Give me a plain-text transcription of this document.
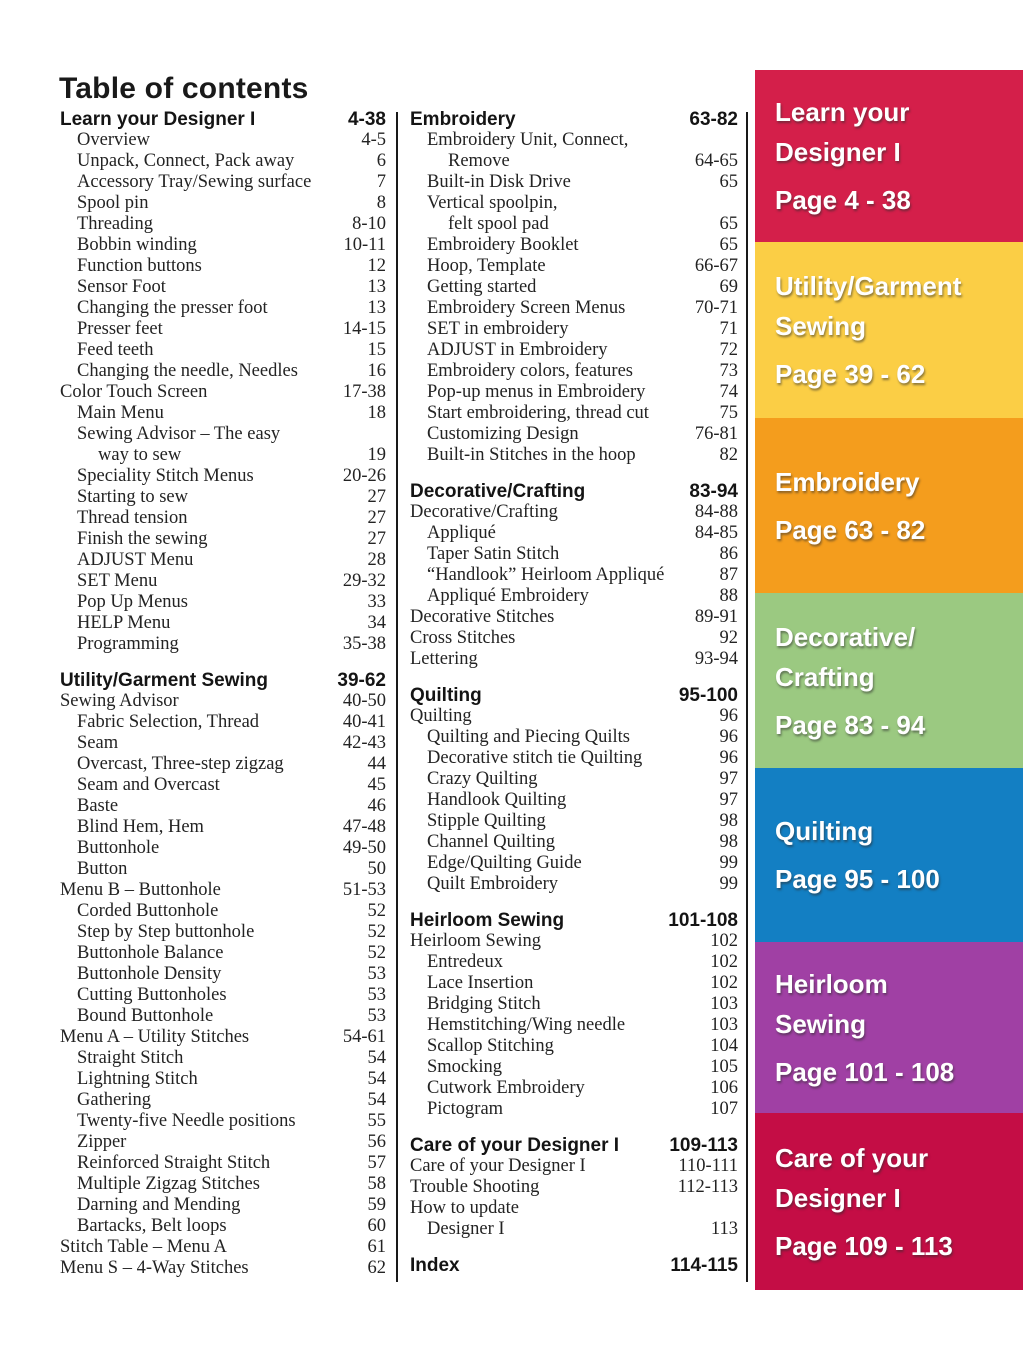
Table of contents
Learn your Designer I	4-38
Overview	4-5
Unpack, Connect, Pack away	6
Accessory Tray/Sewing surface	7
Spool pin	8
Threading	8-10
Bobbin winding	10-11
Function buttons	12
Sensor Foot	13
Changing the presser foot	13
Presser feet	14-15
Feed teeth	15
Changing the needle, Needles	16
Color Touch Screen	17-38
Main Menu	18
Sewing Advisor – The easy
way to sew	19
Speciality Stitch Menus	20-26
Starting to sew	27
Thread tension	27
Finish the sewing	27
ADJUST Menu	28
SET Menu	29-32
Pop Up Menus	33
HELP Menu	34
Programming	35-38
Utility/Garment Sewing	39-62
Sewing Advisor	40-50
Fabric Selection, Thread	40-41
Seam	42-43
Overcast, Three-step zigzag	44
Seam and Overcast	45
Baste	46
Blind Hem, Hem	47-48
Buttonhole	49-50
Button	50
Menu B – Buttonhole	51-53
Corded Buttonhole	52
Step by Step buttonhole	52
Buttonhole Balance	52
Buttonhole Density	53
Cutting Buttonholes	53
Bound Buttonhole	53
Menu A – Utility Stitches	54-61
Straight Stitch	54
Lightning Stitch	54
Gathering	54
Twenty-five Needle positions	55
Zipper	56
Reinforced Straight Stitch	57
Multiple Zigzag Stitches	58
Darning and Mending	59
Bartacks, Belt loops	60
Stitch Table – Menu A	61
Menu S – 4-Way Stitches	62
Embroidery	63-82
Embroidery Unit, Connect,
Remove	64-65
Built-in Disk Drive	65
Vertical spoolpin,
felt spool pad	65
Embroidery Booklet	65
Hoop, Template	66-67
Getting started	69
Embroidery Screen Menus	70-71
SET in embroidery	71
ADJUST in Embroidery	72
Embroidery colors, features	73
Pop-up menus in Embroidery	74
Start embroidering, thread cut	75
Customizing Design	76-81
Built-in Stitches in the hoop	82
Decorative/Crafting	83-94
Decorative/Crafting	84-88
Appliqué	84-85
Taper Satin Stitch	86
“Handlook” Heirloom Appliqué	87
Appliqué Embroidery	88
Decorative Stitches	89-91
Cross Stitches	92
Lettering	93-94
Quilting	95-100
Quilting	96
Quilting and Piecing Quilts	96
Decorative stitch tie Quilting	96
Crazy Quilting	97
Handlook Quilting	97
Stipple Quilting	98
Channel Quilting	98
Edge/Quilting Guide	99
Quilt Embroidery	99
Heirloom Sewing	101-108
Heirloom Sewing	102
Entredeux	102
Lace Insertion	102
Bridging Stitch	103
Hemstitching/Wing needle	103
Scallop Stitching	104
Smocking	105
Cutwork Embroidery	106
Pictogram	107
Care of your Designer I	109-113
Care of your Designer I	110-111
Trouble Shooting	112-113
How to update
Designer I	113
Index	114-115
Learn your
Designer I
Page 4 - 38
Utility/Garment
Sewing
Page 39 - 62
Embroidery
Page 63 - 82
Decorative/
Crafting
Page 83 - 94
Quilting
Page 95 - 100
Heirloom
Sewing
Page 101 - 108
Care of your
Designer I
Page 109 - 113
